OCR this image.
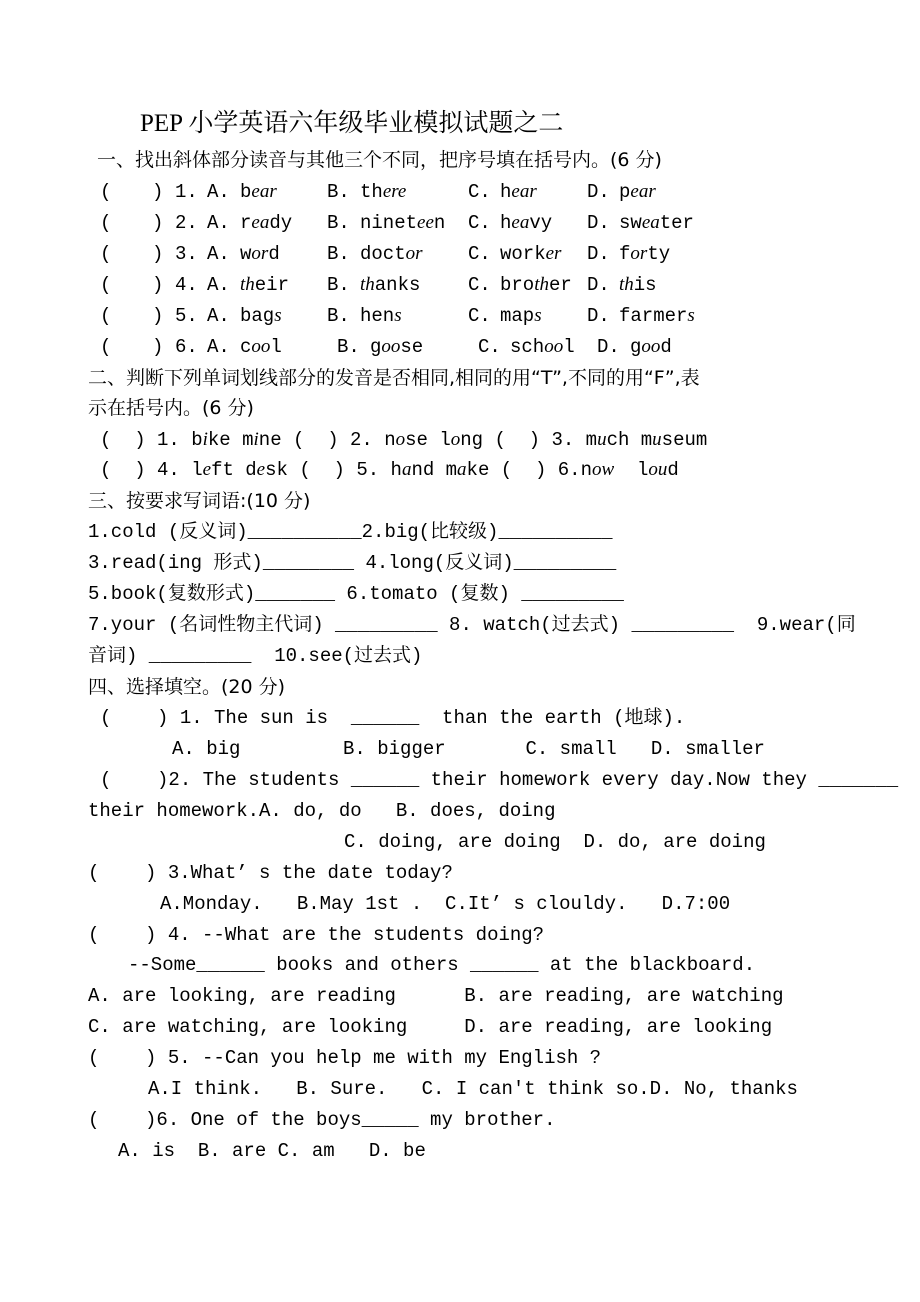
PEP 小学英语六年级毕业模拟试题之二
一、找出斜体部分读音与其他三个不同，把序号填在括号内。(6 分)
( ) 1. A. bear	B. there	C. hear	D. pear
( ) 2. A. ready B. nineteen C. heavy D. sweater
( ) 3. A. word B. doctor C. worker D. forty
( ) 4. A. their B. thanks	C. brother D. this
( ) 5. A. bags B. hens	C. maps D. farmers
( ) 6. A. cool	B. goose	C. school D. good
二、判断下列单词划线部分的发音是否相同,相同的用“T”,不同的用“F”,表
示在括号内。(6 分)
(  ) 1. bike mine (  ) 2. nose long (  ) 3. much museum
(  ) 4. left desk (  ) 5. hand make (  ) 6.now  loud
三、按要求写词语:(10 分)
1.cold (反义词)__________2.big(比较级)__________
3.read(ing 形式)________ 4.long(反义词)_________
5.book(复数形式)_______ 6.tomato (复数) _________
7.your (名词性物主代词) _________ 8. watch(过去式) _________  9.wear(同
音词) _________  10.see(过去式)
四、选择填空。(20 分)
(    ) 1. The sun is  ______  than the earth (地球).
A. big         B. bigger       C. small   D. smaller
(    )2. The students ______ their homework every day.Now they _______
their homework.A. do, do   B. does, doing
C. doing, are doing  D. do, are doing
(    ) 3.What’ s the date today?
A.Monday.   B.May 1st .  C.It’ s clouldy.   D.7:00
(    ) 4. --What are the students doing?
--Some______ books and others ______ at the blackboard.
A. are looking, are reading      B. are reading, are watching
C. are watching, are looking     D. are reading, are looking
(    ) 5. --Can you help me with my English ?
A.I think.   B. Sure.   C. I can't think so.D. No, thanks
(    )6. One of the boys_____ my brother.
A. is  B. are C. am   D. be
